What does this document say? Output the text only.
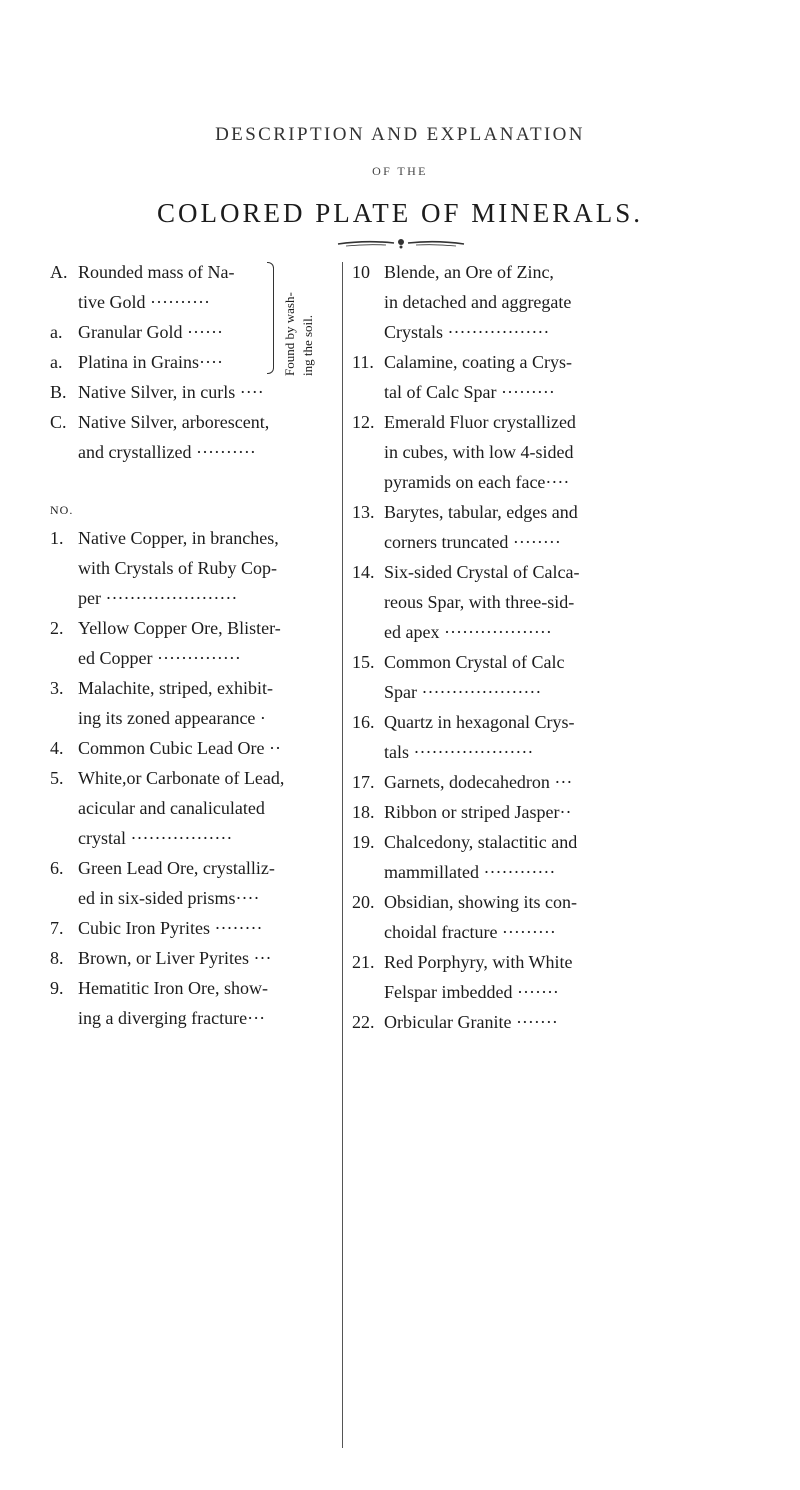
DESCRIPTION AND EXPLANATION
OF THE
COLORED PLATE OF MINERALS.
Found by wash- ing the soil.
A. Rounded mass of Na-
tive Gold ··········
a. Granular Gold ······
a. Platina in Grains····
B. Native Silver, in curls ····
C. Native Silver, arborescent,
and crystallized ··········
NO.
1. Native Copper, in branches,
with Crystals of Ruby Cop-
per ······················
2. Yellow Copper Ore, Blister-
ed Copper ··············
3. Malachite, striped, exhibit-
ing its zoned appearance ·
4. Common Cubic Lead Ore ··
5. White,or Carbonate of Lead,
acicular and canaliculated
crystal ·················
6. Green Lead Ore, crystalliz-
ed in six-sided prisms····
7. Cubic Iron Pyrites ········
8. Brown, or Liver Pyrites ···
9. Hematitic Iron Ore, show-
ing a diverging fracture···
10 Blende, an Ore of Zinc,
in detached and aggregate
Crystals ·················
11. Calamine, coating a Crys-
tal of Calc Spar ·········
12. Emerald Fluor crystallized
in cubes, with low 4-sided
pyramids on each face····
13. Barytes, tabular, edges and
corners truncated ········
14. Six-sided Crystal of Calca-
reous Spar, with three-sid-
ed apex ··················
15. Common Crystal of Calc
Spar ····················
16. Quartz in hexagonal Crys-
tals ····················
17. Garnets, dodecahedron ···
18. Ribbon or striped Jasper··
19. Chalcedony, stalactitic and
mammillated ············
20. Obsidian, showing its con-
choidal fracture ·········
21. Red Porphyry, with White
Felspar imbedded ·······
22. Orbicular Granite ·······
